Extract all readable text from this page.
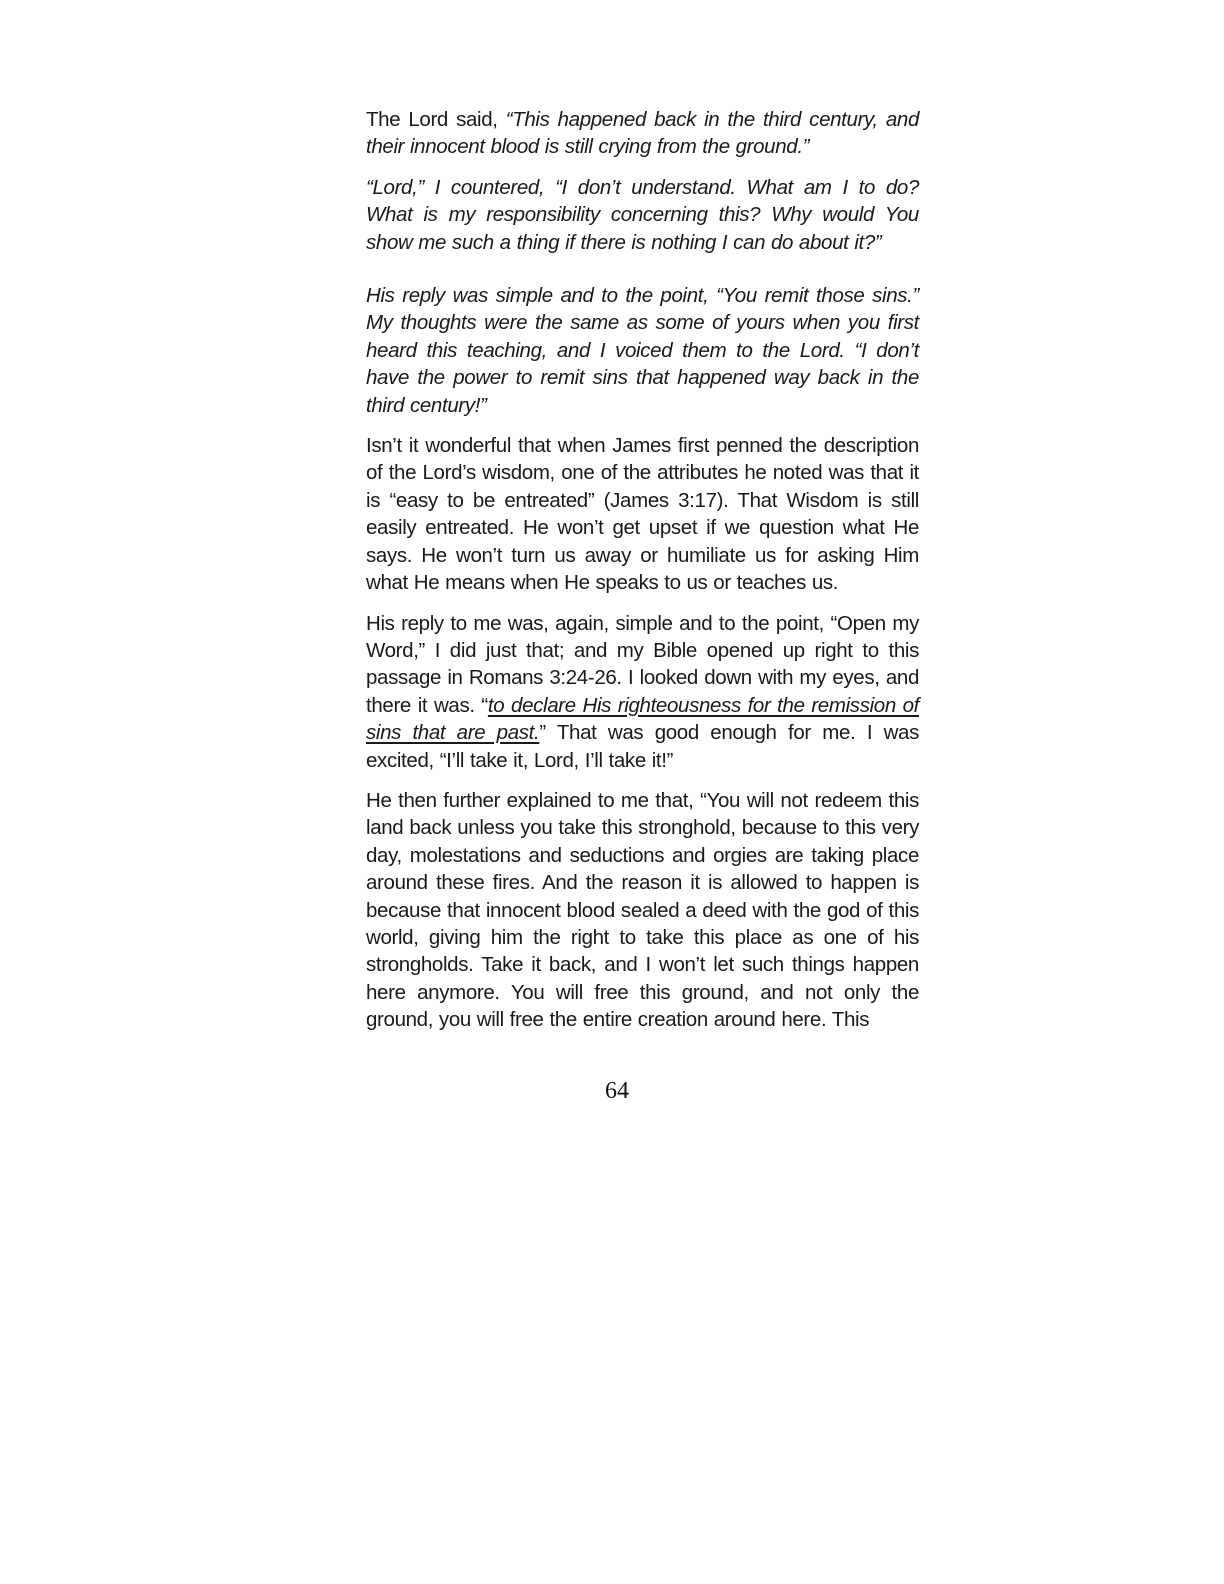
The Lord said, “This happened back in the third century, and their innocent blood is still crying from the ground.”

“Lord,” I countered, “I don’t understand. What am I to do? What is my responsibility concerning this? Why would You show me such a thing if there is nothing I can do about it?”

His reply was simple and to the point, “You remit those sins.” My thoughts were the same as some of yours when you first heard this teaching, and I voiced them to the Lord. “I don’t have the power to remit sins that happened way back in the third century!”

Isn’t it wonderful that when James first penned the description of the Lord’s wisdom, one of the attributes he noted was that it is “easy to be entreated” (James 3:17). That Wisdom is still easily entreated. He won’t get upset if we question what He says. He won’t turn us away or humiliate us for asking Him what He means when He speaks to us or teaches us.

His reply to me was, again, simple and to the point, “Open my Word,” I did just that; and my Bible opened up right to this passage in Romans 3:24-26. I looked down with my eyes, and there it was. “to declare His righteousness for the remission of sins that are past.” That was good enough for me. I was excited, “I’ll take it, Lord, I’ll take it!”

He then further explained to me that, “You will not redeem this land back unless you take this stronghold, because to this very day, molestations and seductions and orgies are taking place around these fires. And the reason it is allowed to happen is because that innocent blood sealed a deed with the god of this world, giving him the right to take this place as one of his strongholds. Take it back, and I won’t let such things happen here anymore. You will free this ground, and not only the ground, you will free the entire creation around here. This

64
